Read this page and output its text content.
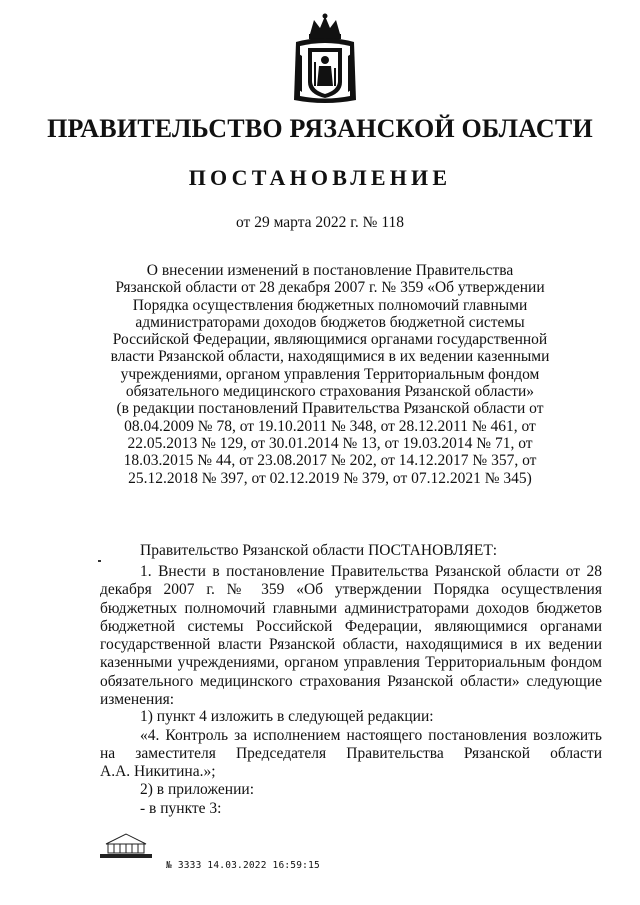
ПРАВИТЕЛЬСТВО РЯЗАНСКОЙ ОБЛАСТИ
ПОСТАНОВЛЕНИЕ
от 29 марта 2022 г. № 118
О внесении изменений в постановление Правительства
Рязанской области от 28 декабря 2007 г. № 359 «Об утверждении
Порядка осуществления бюджетных полномочий главными
администраторами доходов бюджетов бюджетной системы
Российской Федерации, являющимися органами государственной
власти Рязанской области, находящимися в их ведении казенными
учреждениями, органом управления Территориальным фондом
обязательного медицинского страхования Рязанской области»
(в редакции постановлений Правительства Рязанской области от
08.04.2009 № 78, от 19.10.2011 № 348, от 28.12.2011 № 461, от
22.05.2013 № 129, от 30.01.2014 № 13, от 19.03.2014 № 71, от
18.03.2015 № 44, от 23.08.2017 № 202, от 14.12.2017 № 357, от
25.12.2018 № 397, от 02.12.2019 № 379, от 07.12.2021 № 345)
Правительство Рязанской области ПОСТАНОВЛЯЕТ:
1. Внести в постановление Правительства Рязанской области от 28 декабря 2007 г. № 359 «Об утверждении Порядка осуществления бюджетных полномочий главными администраторами доходов бюджетов бюджетной системы Российской Федерации, являющимися органами государственной власти Рязанской области, находящимися в их ведении казенными учреждениями, органом управления Территориальным фондом обязательного медицинского страхования Рязанской области» следующие изменения:
1) пункт 4 изложить в следующей редакции:
«4. Контроль за исполнением настоящего постановления возложить на заместителя Председателя Правительства Рязанской области
А.А. Никитина.»;
2) в приложении:
- в пункте 3:
№ 3333 14.03.2022 16:59:15
